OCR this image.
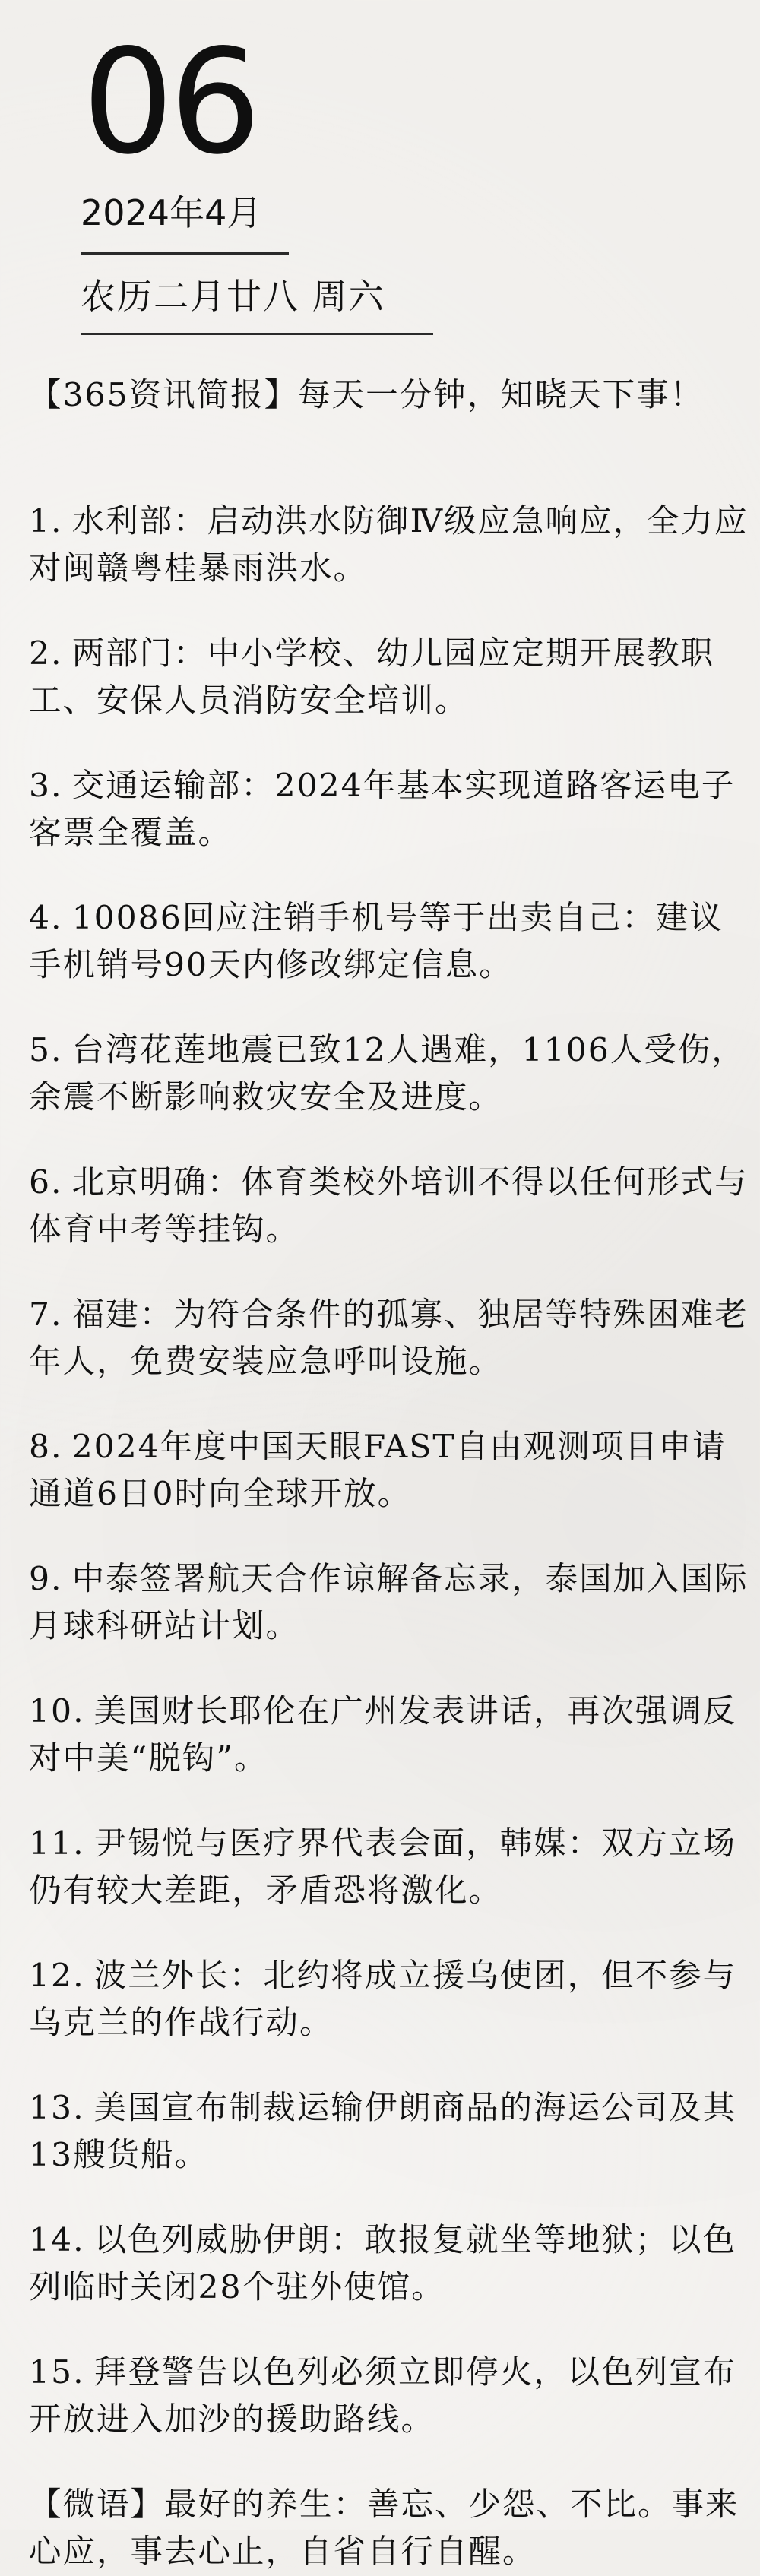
06
2024年4月
农历二月廿八 周六
【365资讯简报】每天一分钟，知晓天下事！
1. 水利部：启动洪水防御Ⅳ级应急响应，全力应对闽赣粤桂暴雨洪水。
2. 两部门：中小学校、幼儿园应定期开展教职工、安保人员消防安全培训。
3. 交通运输部：2024年基本实现道路客运电子客票全覆盖。
4. 10086回应注销手机号等于出卖自己：建议手机销号90天内修改绑定信息。
5. 台湾花莲地震已致12人遇难，1106人受伤，余震不断影响救灾安全及进度。
6. 北京明确：体育类校外培训不得以任何形式与体育中考等挂钩。
7. 福建：为符合条件的孤寡、独居等特殊困难老年人，免费安装应急呼叫设施。
8. 2024年度中国天眼FAST自由观测项目申请通道6日0时向全球开放。
9. 中泰签署航天合作谅解备忘录，泰国加入国际月球科研站计划。
10. 美国财长耶伦在广州发表讲话，再次强调反对中美“脱钩”。
11. 尹锡悦与医疗界代表会面，韩媒：双方立场仍有较大差距，矛盾恐将激化。
12. 波兰外长：北约将成立援乌使团，但不参与乌克兰的作战行动。
13. 美国宣布制裁运输伊朗商品的海运公司及其13艘货船。
14. 以色列威胁伊朗：敢报复就坐等地狱；以色列临时关闭28个驻外使馆。
15. 拜登警告以色列必须立即停火，以色列宣布开放进入加沙的援助路线。
【微语】最好的养生：善忘、少怨、不比。事来心应，事去心止，自省自行自醒。
